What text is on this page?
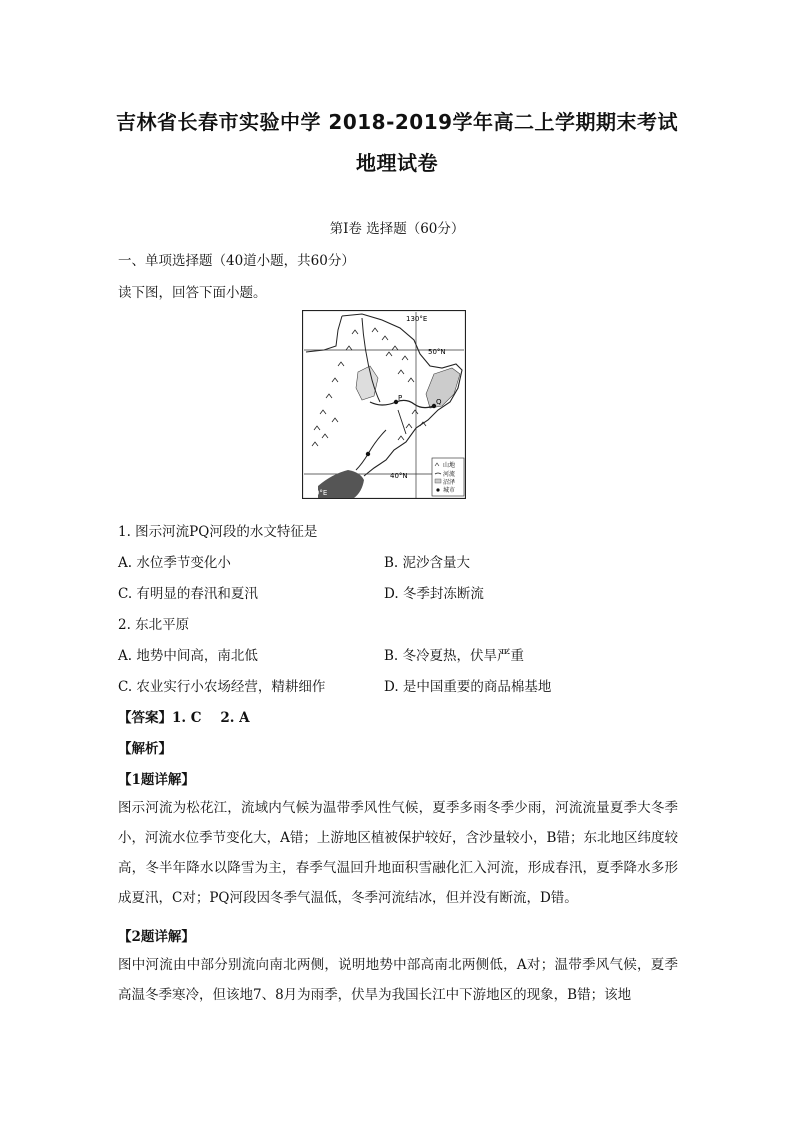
吉林省长春市实验中学 2018-2019学年高二上学期期末考试
地理试卷
第Ⅰ卷 选择题（60分）
一、单项选择题（40道小题，共60分）
读下图，回答下面小题。
130°E
50°N
40°N
120°E
P	Q
山地
河流
沼泽
城市
1. 图示河流PQ河段的水文特征是
A. 水位季节变化小	B. 泥沙含量大
C. 有明显的春汛和夏汛	D. 冬季封冻断流
2. 东北平原
A. 地势中间高，南北低	B. 冬冷夏热，伏旱严重
C. 农业实行小农场经营，精耕细作	D. 是中国重要的商品棉基地
【答案】1. C    2. A
【解析】
【1题详解】
图示河流为松花江，流域内气候为温带季风性气候，夏季多雨冬季少雨，河流流量夏季大冬季小，河流水位季节变化大，A错；上游地区植被保护较好，含沙量较小，B错；东北地区纬度较高，冬半年降水以降雪为主，春季气温回升地面积雪融化汇入河流，形成春汛，夏季降水多形成夏汛，C对；PQ河段因冬季气温低，冬季河流结冰，但并没有断流，D错。
【2题详解】
图中河流由中部分别流向南北两侧，说明地势中部高南北两侧低，A对；温带季风气候，夏季高温冬季寒冷，但该地7、8月为雨季，伏旱为我国长江中下游地区的现象，B错；该地
